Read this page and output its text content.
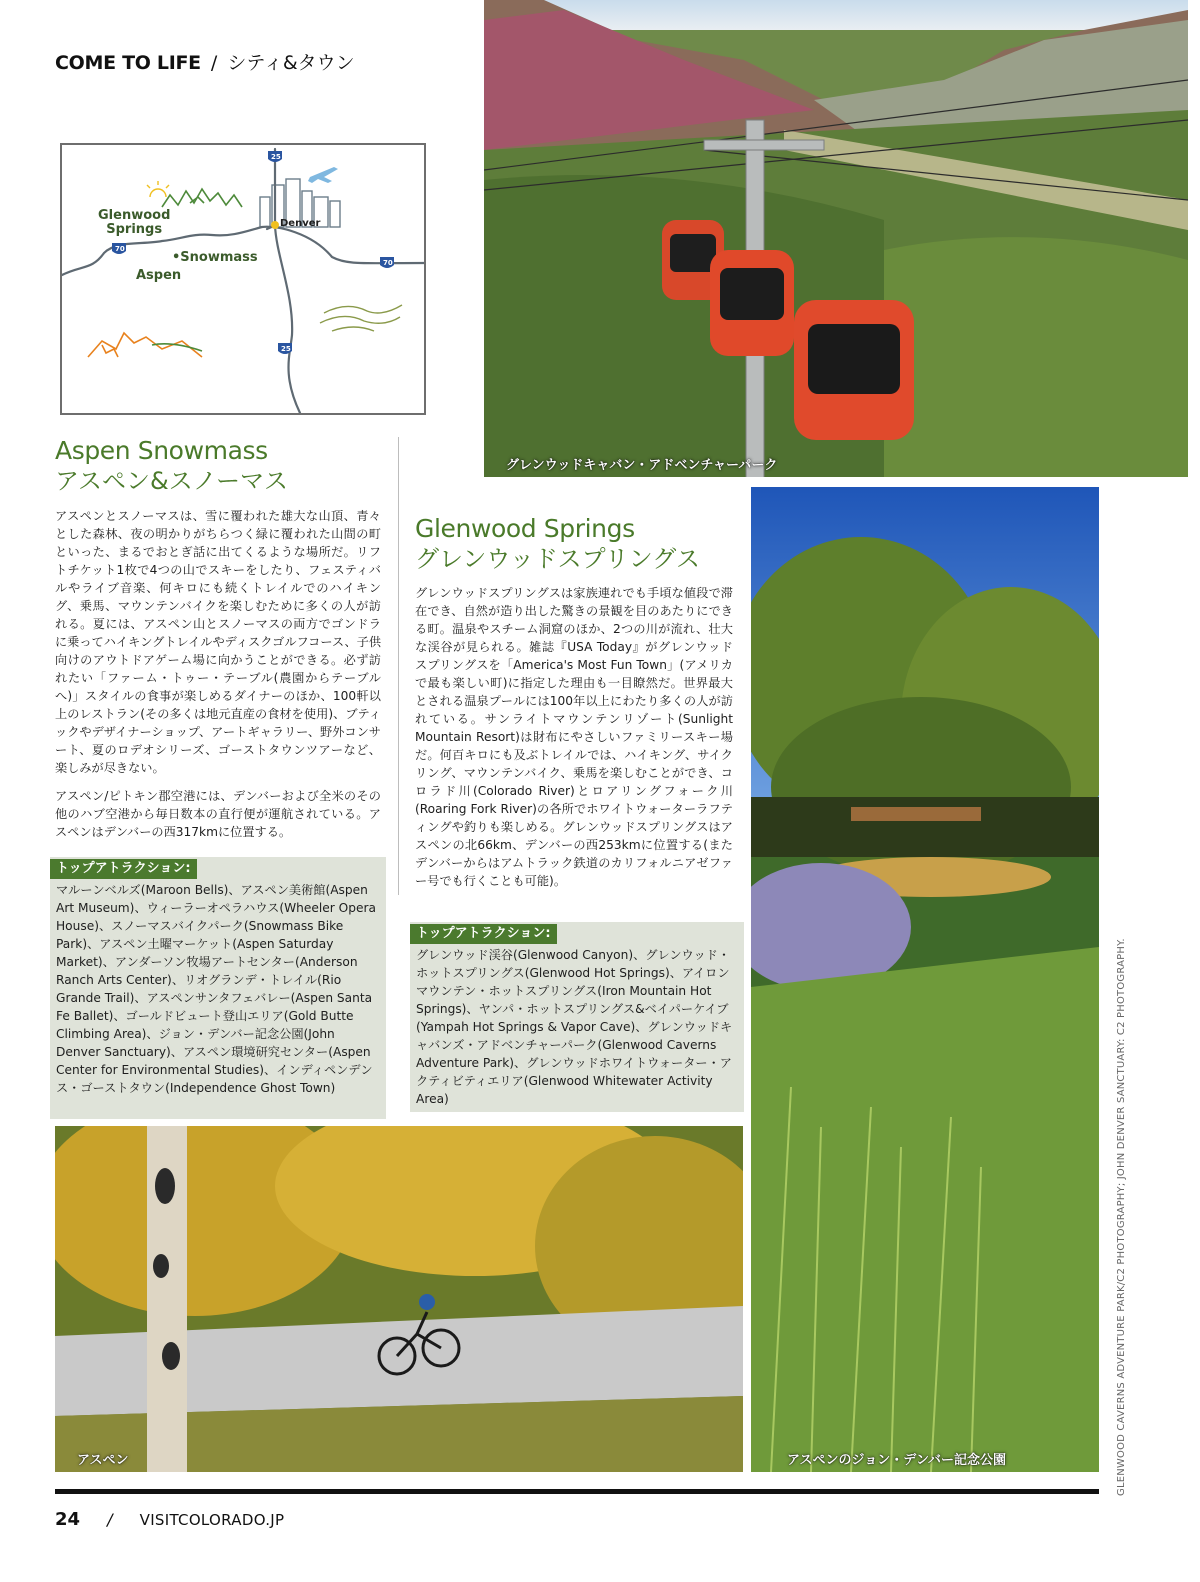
COME TO LIFE / シティ&タウン
25
70
70
25
Glenwood
Springs	Denver
•Snowmass
Aspen
グレンウッドキャバン・アドベンチャーパーク
Aspen Snowmass
アスペン&スノーマス

アスペンとスノーマスは、雪に覆われた雄大な山頂、青々とした森林、夜の明かりがちらつく緑に覆われた山間の町といった、まるでおとぎ話に出てくるような場所だ。リフトチケット1枚で4つの山でスキーをしたり、フェスティバルやライブ音楽、何キロにも続くトレイルでのハイキング、乗馬、マウンテンバイクを楽しむために多くの人が訪れる。夏には、アスペン山とスノーマスの両方でゴンドラに乗ってハイキングトレイルやディスクゴルフコース、子供向けのアウトドアゲーム場に向かうことができる。必ず訪れたい「ファーム・トゥー・テーブル(農園からテーブルへ)」スタイルの食事が楽しめるダイナーのほか、100軒以上のレストラン(その多くは地元直産の食材を使用)、ブティックやデザイナーショップ、アートギャラリー、野外コンサート、夏のロデオシリーズ、ゴーストタウンツアーなど、楽しみが尽きない。

アスペン/ピトキン郡空港には、デンバーおよび全米のその他のハブ空港から毎日数本の直行便が運航されている。アスペンはデンバーの西317kmに位置する。

トップアトラクション:
マルーンベルズ(Maroon Bells)、アスペン美術館(Aspen Art Museum)、ウィーラーオペラハウス(Wheeler Opera House)、スノーマスバイクパーク(Snowmass Bike Park)、アスペン土曜マーケット(Aspen Saturday Market)、アンダーソン牧場アートセンター(Anderson Ranch Arts Center)、リオグランデ・トレイル(Rio Grande Trail)、アスペンサンタフェバレー(Aspen Santa Fe Ballet)、ゴールドビュート登山エリア(Gold Butte Climbing Area)、ジョン・デンバー記念公園(John Denver Sanctuary)、アスペン環境研究センター(Aspen Center for Environmental Studies)、インディペンデンス・ゴーストタウン(Independence Ghost Town)
Glenwood Springs
グレンウッドスプリングス

グレンウッドスプリングスは家族連れでも手頃な値段で滞在でき、自然が造り出した驚きの景観を目のあたりにできる町。温泉やスチーム洞窟のほか、2つの川が流れ、壮大な渓谷が見られる。雑誌『USA Today』がグレンウッドスプリングスを「America's Most Fun Town」(アメリカで最も楽しい町)に指定した理由も一目瞭然だ。世界最大とされる温泉プールには100年以上にわたり多くの人が訪れている。サンライトマウンテンリゾート(Sunlight Mountain Resort)は財布にやさしいファミリースキー場だ。何百キロにも及ぶトレイルでは、ハイキング、サイクリング、マウンテンバイク、乗馬を楽しむことができ、コロラド川(Colorado River)とロアリングフォーク川(Roaring Fork River)の各所でホワイトウォーターラフティングや釣りも楽しめる。グレンウッドスプリングスはアスペンの北66km、デンバーの西253kmに位置する(またデンバーからはアムトラック鉄道のカリフォルニアゼファー号でも行くことも可能)。

トップアトラクション:
グレンウッド渓谷(Glenwood Canyon)、グレンウッド・ホットスプリングス(Glenwood Hot Springs)、アイロンマウンテン・ホットスプリングス(Iron Mountain Hot Springs)、ヤンパ・ホットスプリングス&ベイパーケイブ(Yampah Hot Springs & Vapor Cave)、グレンウッドキャバンズ・アドベンチャーパーク(Glenwood Caverns Adventure Park)、グレンウッドホワイトウォーター・アクティビティエリア(Glenwood Whitewater Activity Area)
アスペンのジョン・デンバー記念公園
アスペン	GLENWOOD CAVERNS ADVENTURE PARK/C2 PHOTOGRAPHY; JOHN DENVER SANCTUARY: C2 PHOTOGRAPHY.
24 / VISITCOLORADO.JP
